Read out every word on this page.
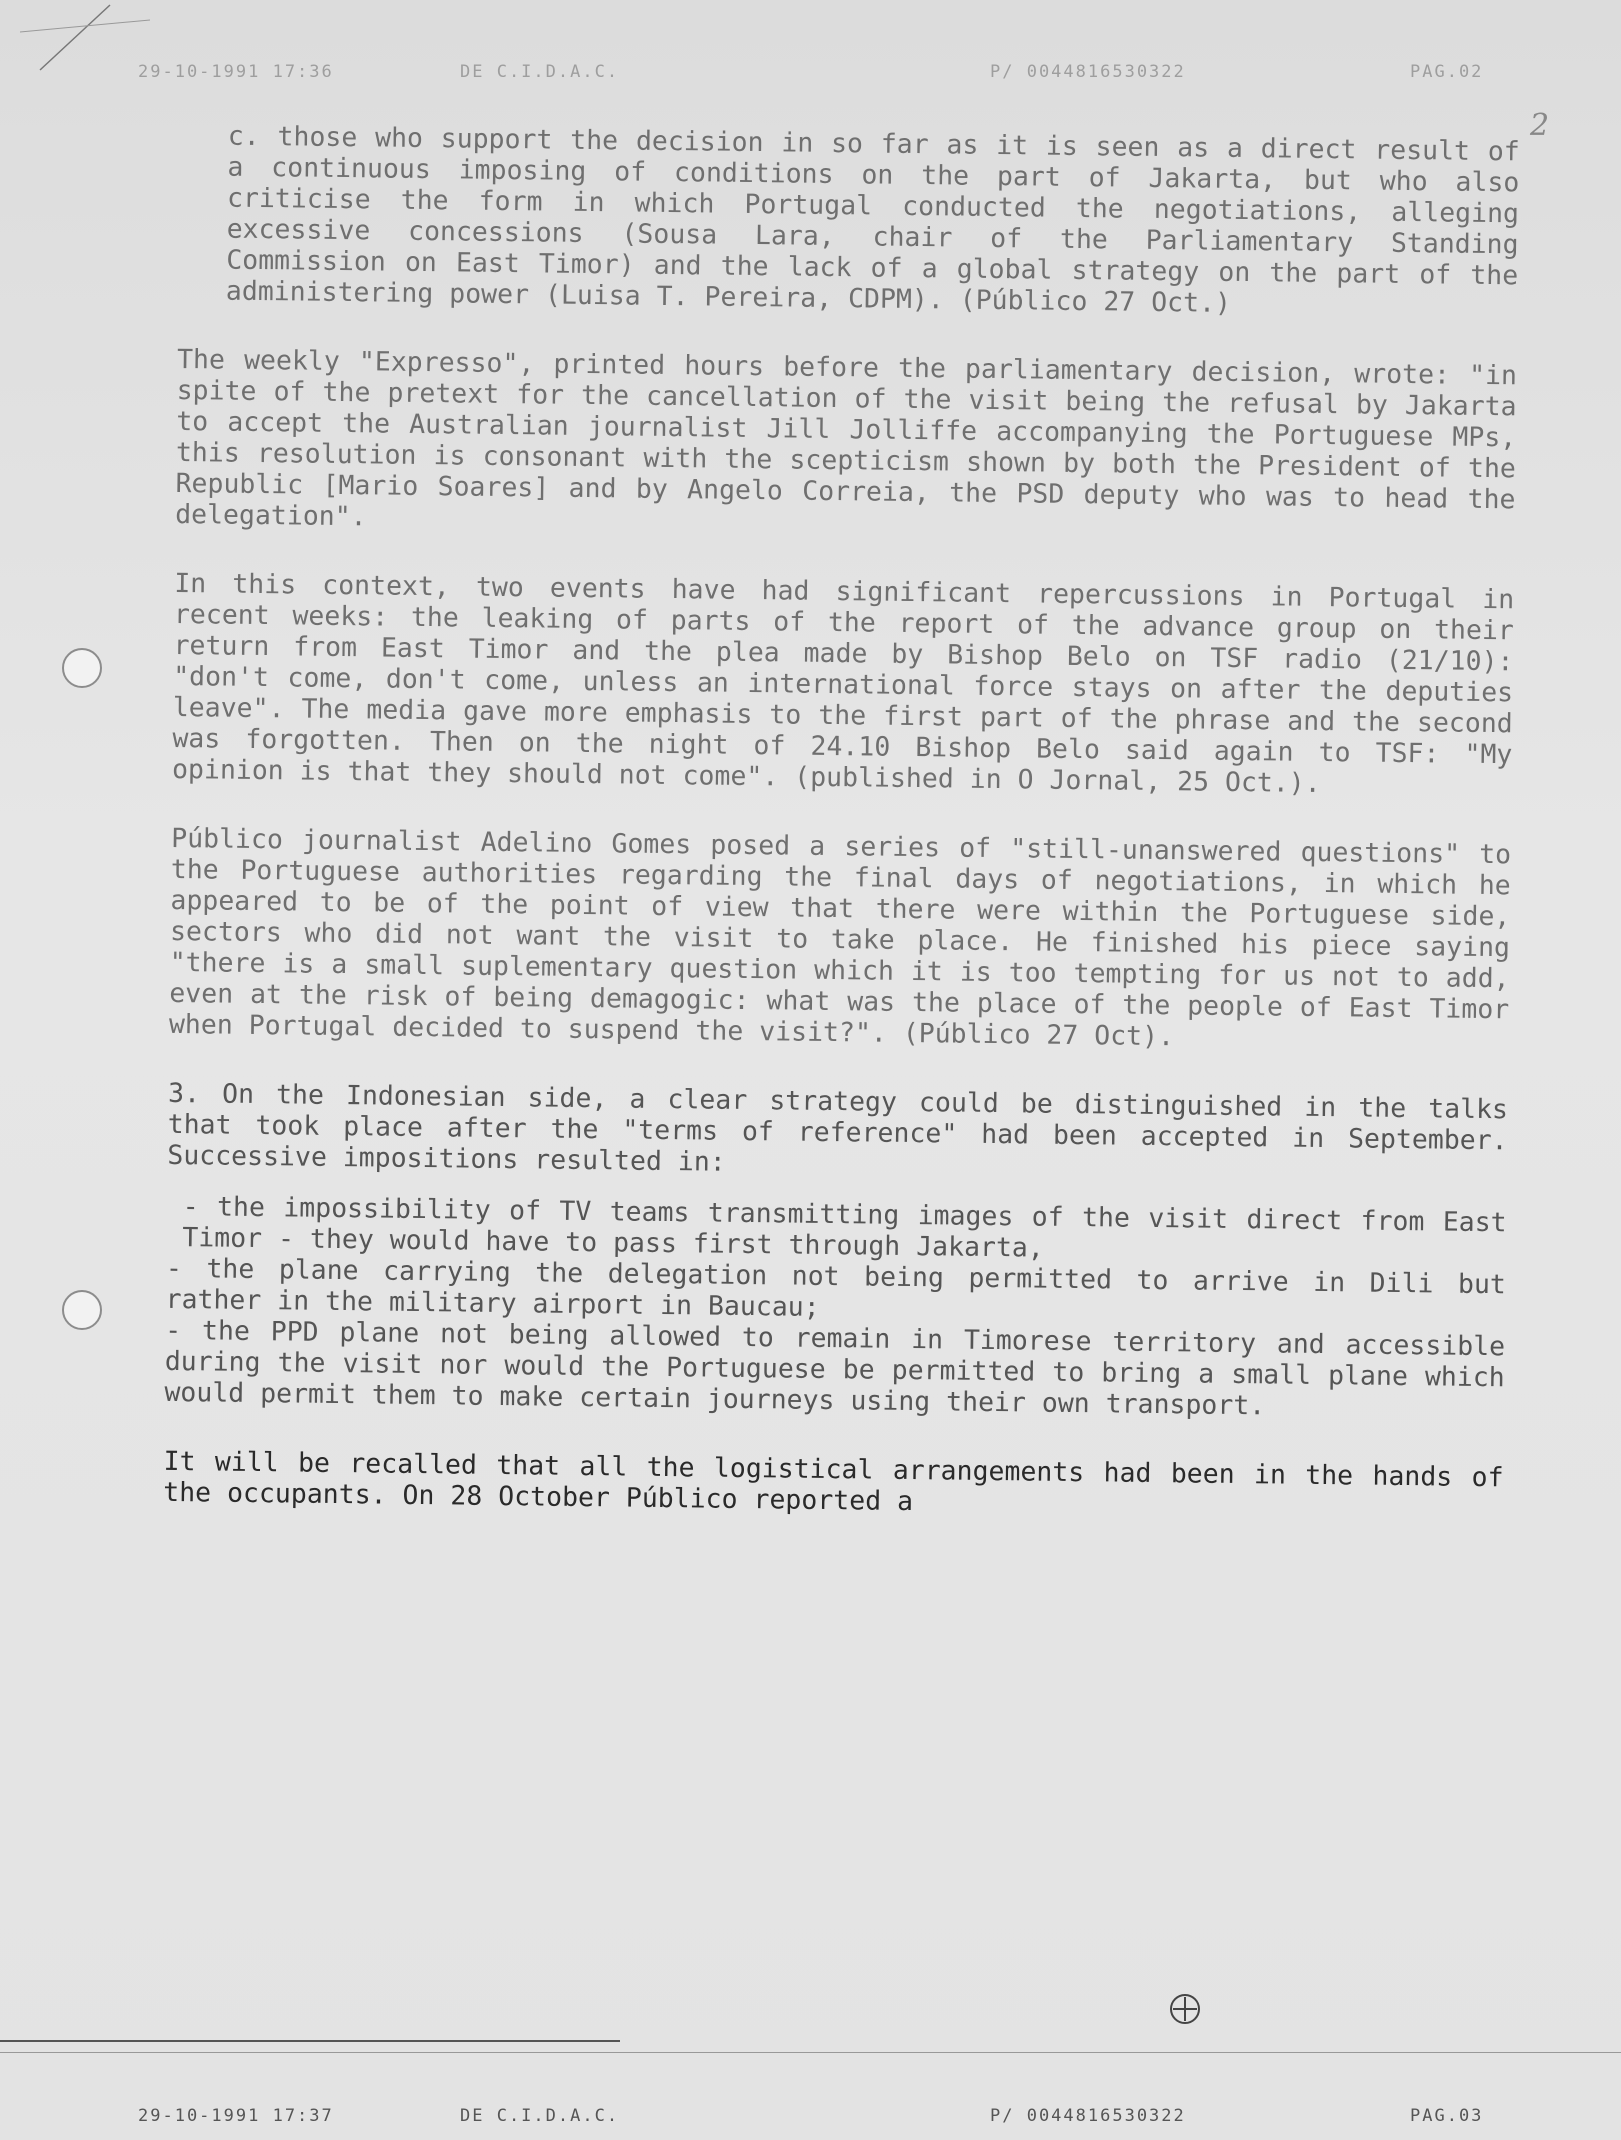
29-10-1991 17:36	DE C.I.D.A.C.	P/ 0044816530322	PAG.02
2

c. those who support the decision in so far as it is seen as a direct result of a continuous imposing of conditions on the part of Jakarta, but who also criticise the form in which Portugal conducted the negotiations, alleging excessive concessions (Sousa Lara, chair of the Parliamentary Standing Commission on East Timor) and the lack of a global strategy on the part of the administering power (Luisa T. Pereira, CDPM). (Público 27 Oct.)

The weekly "Expresso", printed hours before the parliamentary decision, wrote: "in spite of the pretext for the cancellation of the visit being the refusal by Jakarta to accept the Australian journalist Jill Jolliffe accompanying the Portuguese MPs, this resolution is consonant with the scepticism shown by both the President of the Republic [Mario Soares] and by Angelo Correia, the PSD deputy who was to head the delegation".

In this context, two events have had significant repercussions in Portugal in recent weeks: the leaking of parts of the report of the advance group on their return from East Timor and the plea made by Bishop Belo on TSF radio (21/10): "don't come, don't come, unless an international force stays on after the deputies leave". The media gave more emphasis to the first part of the phrase and the second was forgotten. Then on the night of 24.10 Bishop Belo said again to TSF: "My opinion is that they should not come". (published in O Jornal, 25 Oct.).

Público journalist Adelino Gomes posed a series of "still-unanswered questions" to the Portuguese authorities regarding the final days of negotiations, in which he appeared to be of the point of view that there were within the Portuguese side, sectors who did not want the visit to take place. He finished his piece saying "there is a small suplementary question which it is too tempting for us not to add, even at the risk of being demagogic: what was the place of the people of East Timor when Portugal decided to suspend the visit?". (Público 27 Oct).

3. On the Indonesian side, a clear strategy could be distinguished in the talks that took place after the "terms of reference" had been accepted in September. Successive impositions resulted in:

- the impossibility of TV teams transmitting images of the visit direct from East Timor - they would have to pass first through Jakarta,

- the plane carrying the delegation not being permitted to arrive in Dili but rather in the military airport in Baucau;

- the PPD plane not being allowed to remain in Timorese territory and accessible during the visit nor would the Portuguese be permitted to bring a small plane which would permit them to make certain journeys using their own transport.

It will be recalled that all the logistical arrangements had been in the hands of the occupants. On 28 October Público reported a

29-10-1991 17:37	DE C.I.D.A.C.	P/ 0044816530322	PAG.03
